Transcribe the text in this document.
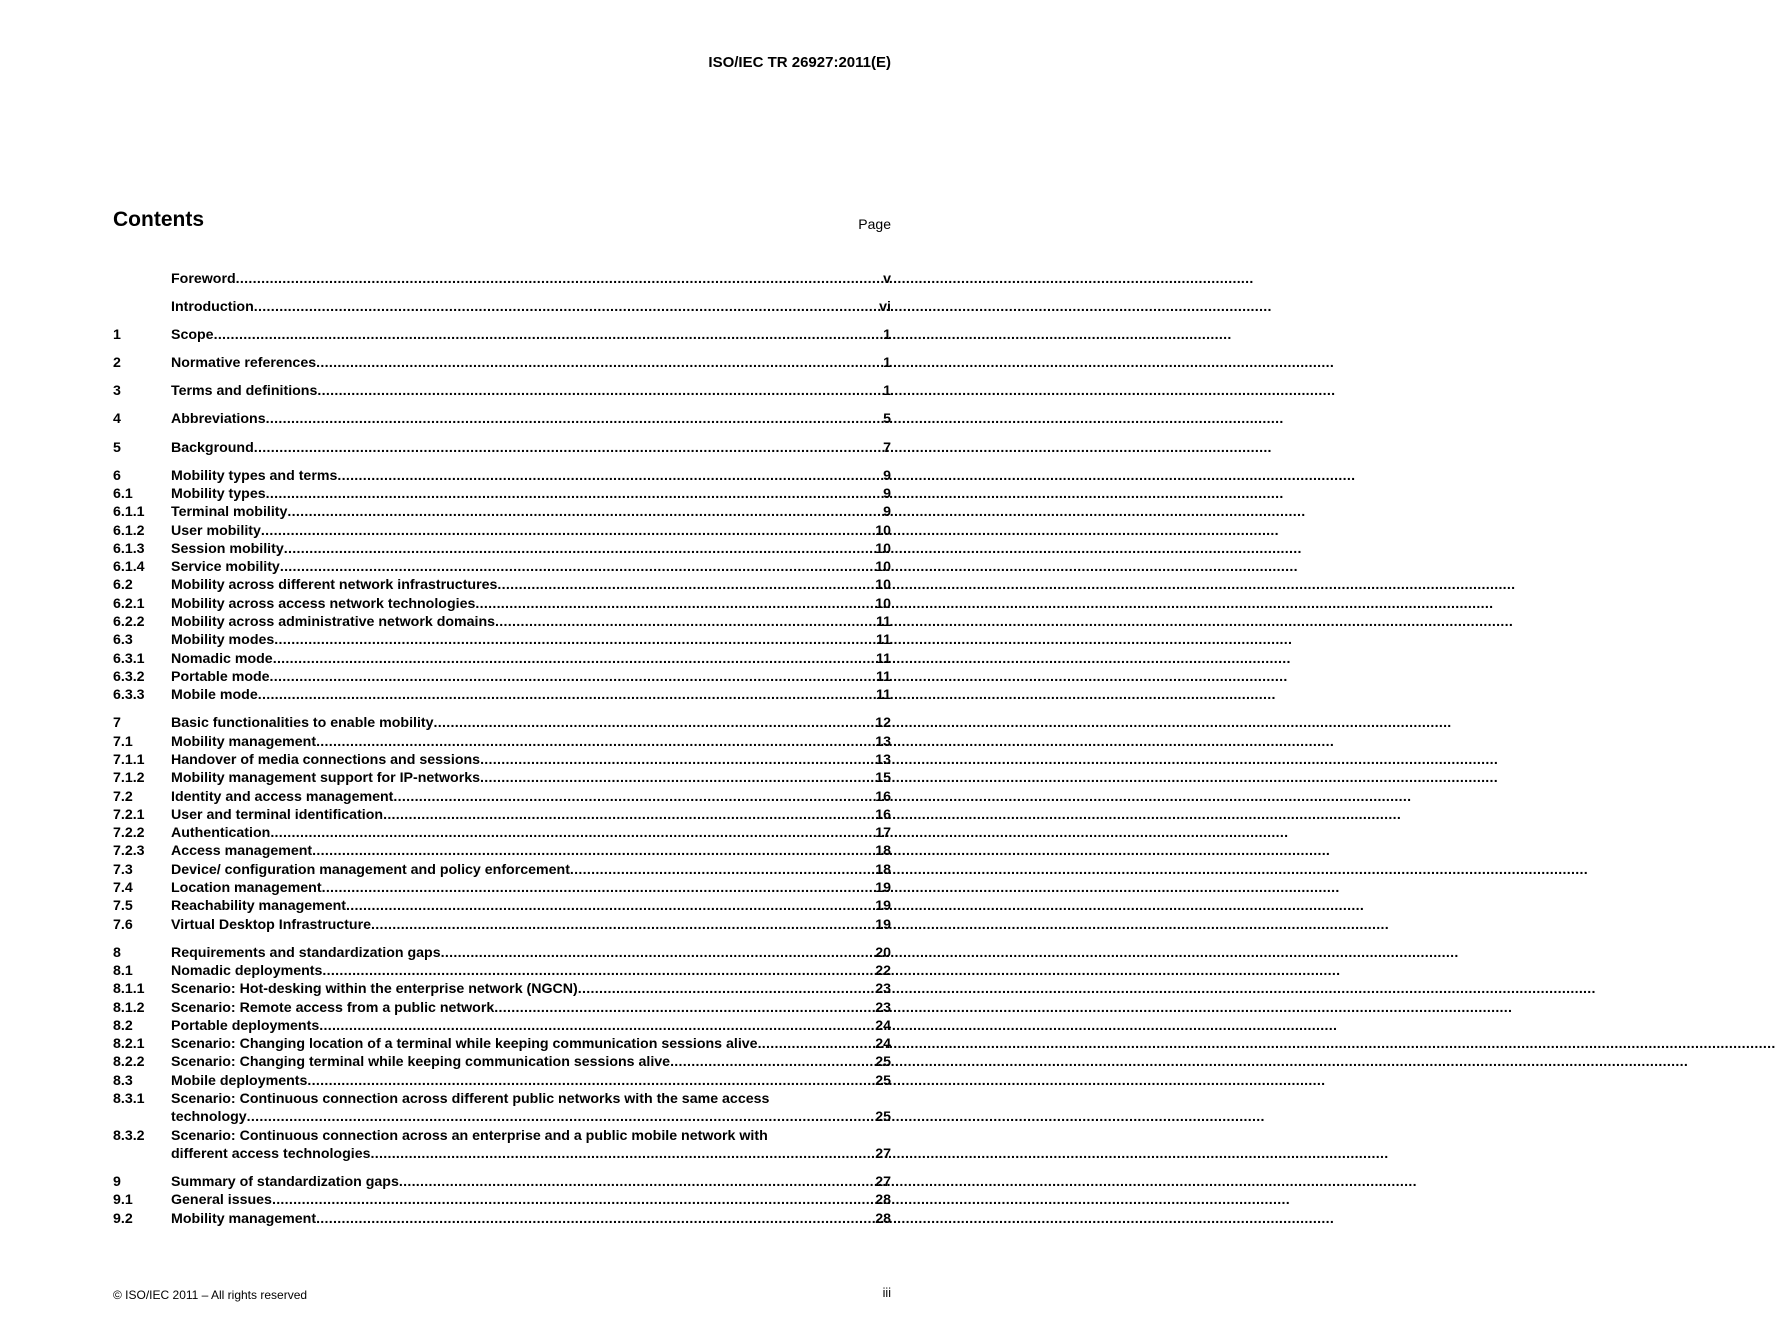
ISO/IEC TR 26927:2011(E)
Contents	Page
Foreword .....	v
Introduction .....	vi
1	Scope .....	1
2	Normative references .....	1
3	Terms and definitions .....	1
4	Abbreviations .....	5
5	Background .....	7
6	Mobility types and terms .....	9
6.1	Mobility types .....	9
6.1.1	Terminal mobility .....	9
6.1.2	User mobility .....	10
6.1.3	Session mobility .....	10
6.1.4	Service mobility .....	10
6.2	Mobility across different network infrastructures .....	10
6.2.1	Mobility across access network technologies .....	10
6.2.2	Mobility across administrative network domains .....	11
6.3	Mobility modes .....	11
6.3.1	Nomadic mode .....	11
6.3.2	Portable mode .....	11
6.3.3	Mobile mode .....	11
7	Basic functionalities to enable mobility .....	12
7.1	Mobility management .....	13
7.1.1	Handover of media connections and sessions .....	13
7.1.2	Mobility management support for IP-networks .....	15
7.2	Identity and access management .....	16
7.2.1	User and terminal identification .....	16
7.2.2	Authentication .....	17
7.2.3	Access management .....	18
7.3	Device/ configuration management and policy enforcement .....	18
7.4	Location management .....	19
7.5	Reachability management .....	19
7.6	Virtual Desktop Infrastructure .....	19
8	Requirements and standardization gaps .....	20
8.1	Nomadic deployments .....	22
8.1.1	Scenario: Hot-desking within the enterprise network (NGCN) .....	23
8.1.2	Scenario: Remote access from a public network .....	23
8.2	Portable deployments .....	24
8.2.1	Scenario: Changing location of a terminal while keeping communication sessions alive .....	24
8.2.2	Scenario: Changing terminal while keeping communication sessions alive .....	25
8.3	Mobile deployments .....	25
8.3.1	Scenario: Continuous connection across different public networks with the same access
technology .....	25
8.3.2	Scenario: Continuous connection across an enterprise and a public mobile network with
different access technologies .....	27
9	Summary of standardization gaps .....	27
9.1	General issues .....	28
9.2	Mobility management .....	28
© ISO/IEC 2011 – All rights reserved	iii
